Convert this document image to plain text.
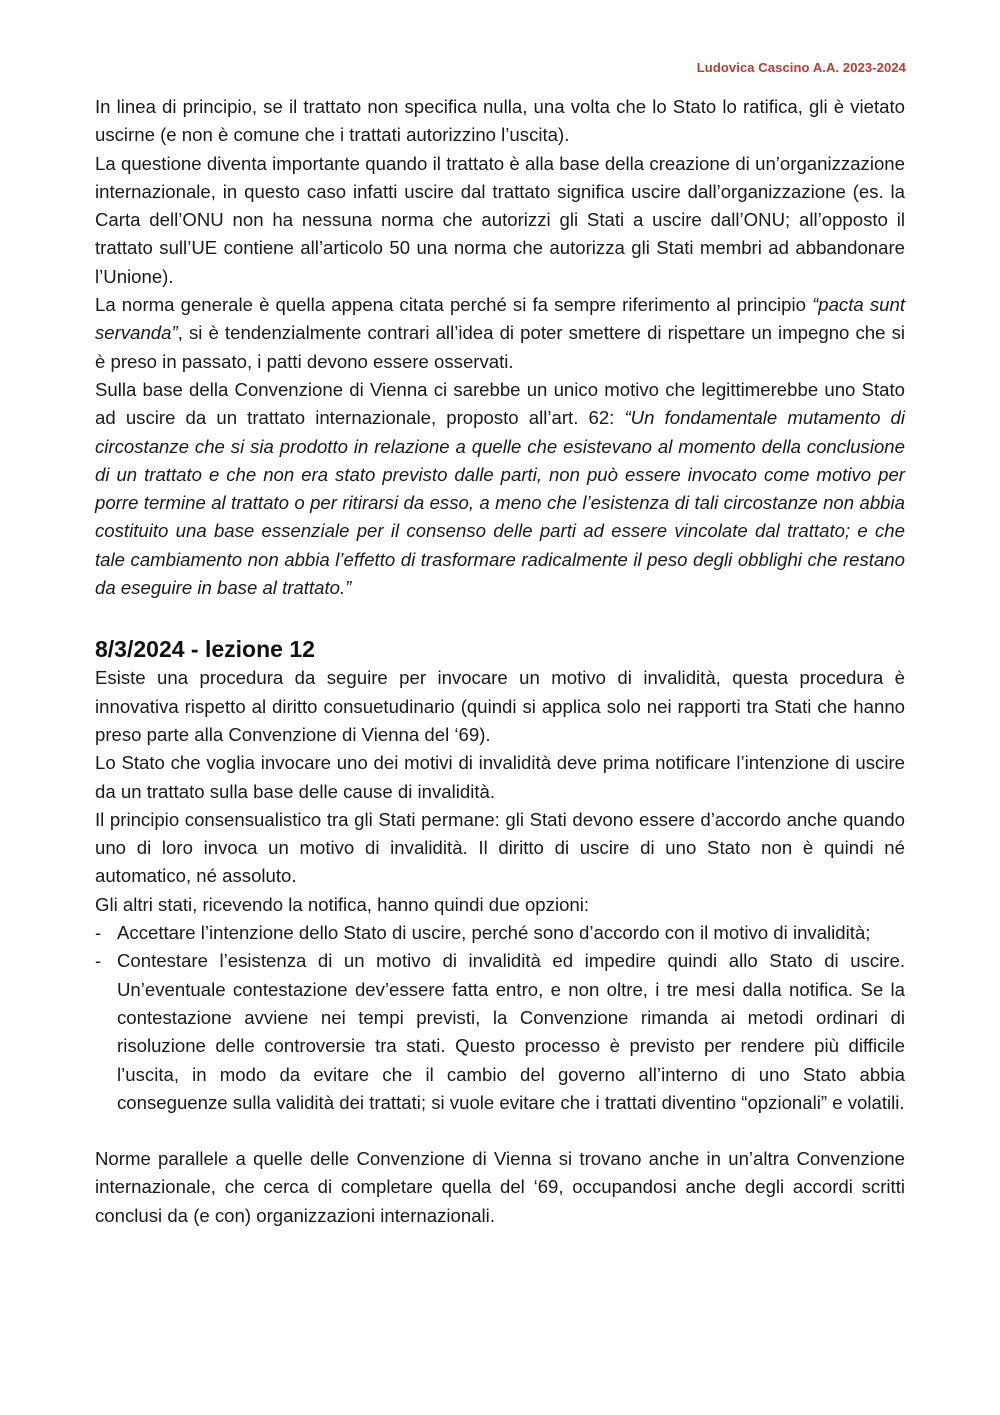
Ludovica Cascino A.A. 2023-2024

In linea di principio, se il trattato non specifica nulla, una volta che lo Stato lo ratifica, gli è vietato uscirne (e non è comune che i trattati autorizzino l’uscita).

La questione diventa importante quando il trattato è alla base della creazione di un’organizzazione internazionale, in questo caso infatti uscire dal trattato significa uscire dall’organizzazione (es. la Carta dell’ONU non ha nessuna norma che autorizzi gli Stati a uscire dall’ONU; all’opposto il trattato sull’UE contiene all’articolo 50 una norma che autorizza gli Stati membri ad abbandonare l’Unione).

La norma generale è quella appena citata perché si fa sempre riferimento al principio “pacta sunt servanda”, si è tendenzialmente contrari all’idea di poter smettere di rispettare un impegno che si è preso in passato, i patti devono essere osservati.

Sulla base della Convenzione di Vienna ci sarebbe un unico motivo che legittimerebbe uno Stato ad uscire da un trattato internazionale, proposto all’art. 62: “Un fondamentale mutamento di circostanze che si sia prodotto in relazione a quelle che esistevano al momento della conclusione di un trattato e che non era stato previsto dalle parti, non può essere invocato come motivo per porre termine al trattato o per ritirarsi da esso, a meno che l’esistenza di tali circostanze non abbia costituito una base essenziale per il consenso delle parti ad essere vincolate dal trattato; e che tale cambiamento non abbia l’effetto di trasformare radicalmente il peso degli obblighi che restano da eseguire in base al trattato.”

8/3/2024 - lezione 12

Esiste una procedura da seguire per invocare un motivo di invalidità, questa procedura è innovativa rispetto al diritto consuetudinario (quindi si applica solo nei rapporti tra Stati che hanno preso parte alla Convenzione di Vienna del ‘69).

Lo Stato che voglia invocare uno dei motivi di invalidità deve prima notificare l’intenzione di uscire da un trattato sulla base delle cause di invalidità.

Il principio consensualistico tra gli Stati permane: gli Stati devono essere d’accordo anche quando uno di loro invoca un motivo di invalidità. Il diritto di uscire di uno Stato non è quindi né automatico, né assoluto.

Gli altri stati, ricevendo la notifica, hanno quindi due opzioni:

- Accettare l’intenzione dello Stato di uscire, perché sono d’accordo con il motivo di invalidità;
- Contestare l’esistenza di un motivo di invalidità ed impedire quindi allo Stato di uscire. Un’eventuale contestazione dev’essere fatta entro, e non oltre, i tre mesi dalla notifica. Se la contestazione avviene nei tempi previsti, la Convenzione rimanda ai metodi ordinari di risoluzione delle controversie tra stati. Questo processo è previsto per rendere più difficile l’uscita, in modo da evitare che il cambio del governo all’interno di uno Stato abbia conseguenze sulla validità dei trattati; si vuole evitare che i trattati diventino “opzionali” e volatili.

Norme parallele a quelle delle Convenzione di Vienna si trovano anche in un’altra Convenzione internazionale, che cerca di completare quella del ‘69, occupandosi anche degli accordi scritti conclusi da (e con) organizzazioni internazionali.
